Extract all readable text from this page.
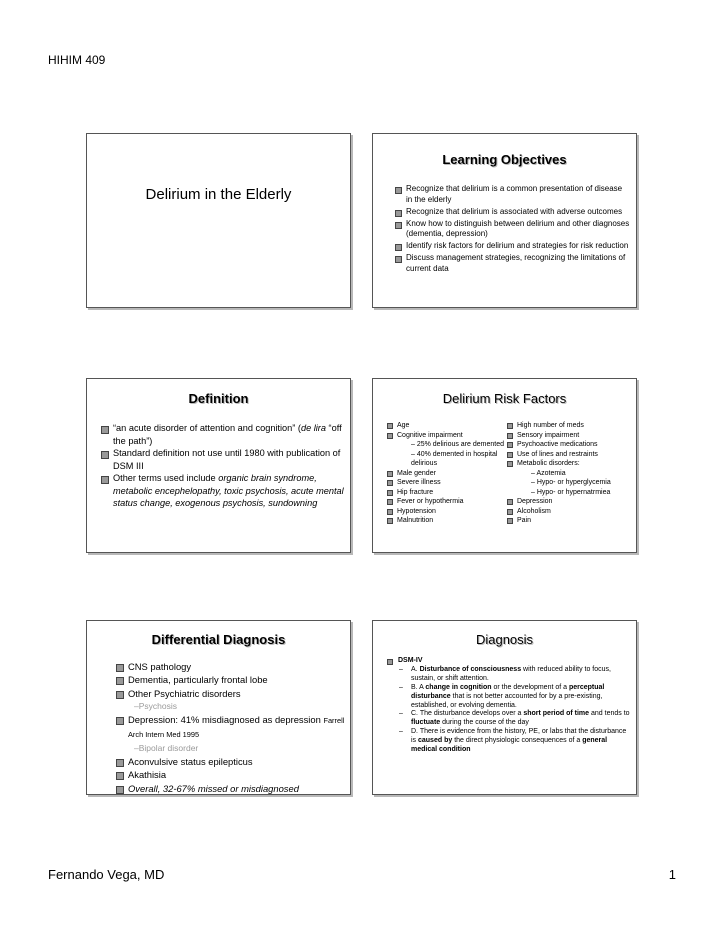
HIHIM 409
Delirium in the Elderly
Learning Objectives
Recognize that delirium is a common presentation of disease in the elderly
Recognize that delirium is associated with adverse outcomes
Know how to distinguish between delirium and other diagnoses (dementia, depression)
Identify risk factors for delirium and strategies for risk reduction
Discuss management strategies, recognizing the limitations of current data
Definition
“an acute disorder of attention and cognition” (de lira “off the path”)
Standard definition not use until 1980 with publication of DSM III
Other terms used include organic brain syndrome, metabolic encephelopathy, toxic psychosis, acute mental status change, exogenous psychosis, sundowning
Delirium Risk Factors
Age
Cognitive impairment
– 25% delirious are demented
– 40% demented in hospital delirious
Male gender
Severe illness
Hip fracture
Fever or hypothermia
Hypotension
Malnutrition
High number of meds
Sensory impairment
Psychoactive medications
Use of lines and restraints
Metabolic disorders:
– Azotemia
– Hypo- or hyperglycemia
– Hypo- or hypernatrmiea
Depression
Alcoholism
Pain
Differential Diagnosis
CNS pathology
Dementia, particularly frontal lobe
Other Psychiatric disorders
–Psychosis
Depression: 41% misdiagnosed as depression Farrell Arch Intern Med 1995
–Bipolar disorder
Aconvulsive status epilepticus
Akathisia
Overall, 32-67% missed or misdiagnosed
Diagnosis
DSM-IV
– A. Disturbance of consciousness with reduced ability to focus, sustain, or shift attention.
– B. A change in cognition or the development of a perceptual disturbance that is not better accounted for by a pre-existing, established, or evolving dementia.
– C. The disturbance develops over a short period of time and tends to fluctuate during the course of the day
– D. There is evidence from the history, PE, or labs that the disturbance is caused by the direct physiologic consequences of a general medical condition
Fernando Vega, MD	1
